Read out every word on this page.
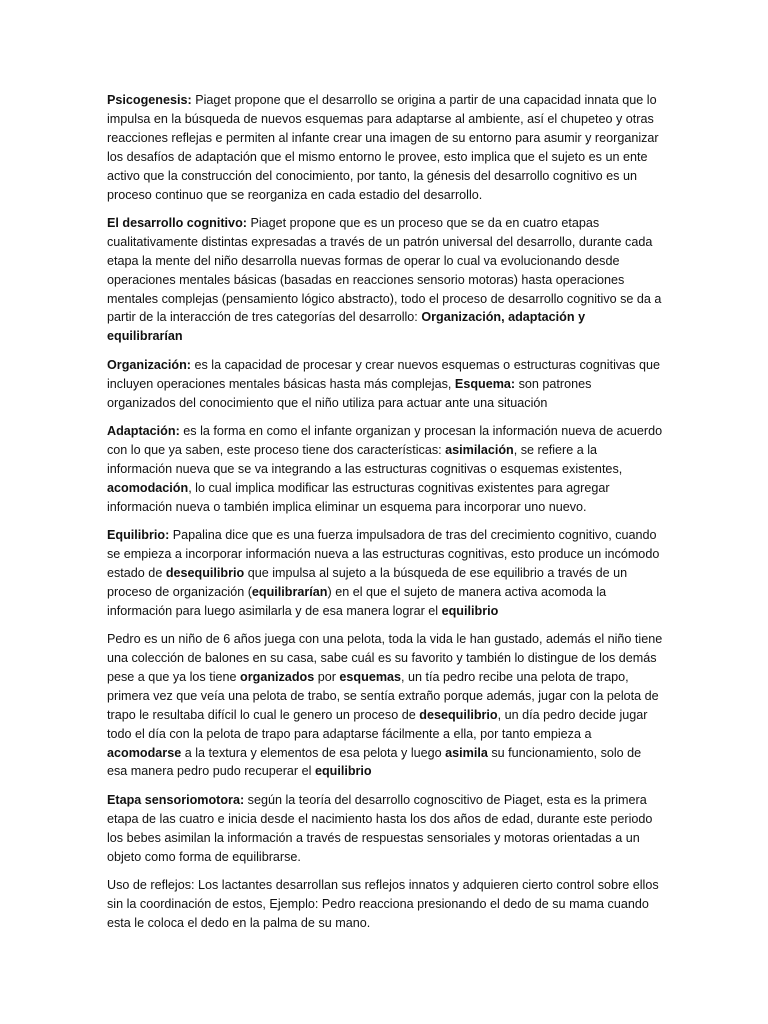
Psicogenesis: Piaget propone que el desarrollo se origina a partir de una capacidad innata que lo impulsa en la búsqueda de nuevos esquemas para adaptarse al ambiente, así el chupeteo y otras reacciones reflejas e permiten al infante crear una imagen de su entorno para asumir y reorganizar los desafíos de adaptación que el mismo entorno le provee, esto implica que el sujeto es un ente activo que la construcción del conocimiento, por tanto, la génesis del desarrollo cognitivo es un proceso continuo que se reorganiza en cada estadio del desarrollo.

El desarrollo cognitivo: Piaget propone que es un proceso que se da en cuatro etapas cualitativamente distintas expresadas a través de un patrón universal del desarrollo, durante cada etapa la mente del niño desarrolla nuevas formas de operar lo cual va evolucionando desde operaciones mentales básicas (basadas en reacciones sensorio motoras) hasta operaciones mentales complejas (pensamiento lógico abstracto), todo el proceso de desarrollo cognitivo se da a partir de la interacción de tres categorías del desarrollo: Organización, adaptación y equilibrarían

Organización: es la capacidad de procesar y crear nuevos esquemas o estructuras cognitivas que incluyen operaciones mentales básicas hasta más complejas, Esquema: son patrones organizados del conocimiento que el niño utiliza para actuar ante una situación

Adaptación: es la forma en como el infante organizan y procesan la información nueva de acuerdo con lo que ya saben, este proceso tiene dos características: asimilación, se refiere a la información nueva que se va integrando a las estructuras cognitivas o esquemas existentes, acomodación, lo cual implica modificar las estructuras cognitivas existentes para agregar información nueva o también implica eliminar un esquema para incorporar uno nuevo.

Equilibrio: Papalina dice que es una fuerza impulsadora de tras del crecimiento cognitivo, cuando se empieza a incorporar información nueva a las estructuras cognitivas, esto produce un incómodo estado de desequilibrio que impulsa al sujeto a la búsqueda de ese equilibrio a través de un proceso de organización (equilibrarían) en el que el sujeto de manera activa acomoda la información para luego asimilarla y de esa manera lograr el equilibrio

Pedro es un niño de 6 años juega con una pelota, toda la vida le han gustado, además el niño tiene una colección de balones en su casa, sabe cuál es su favorito y también lo distingue de los demás pese a que ya los tiene organizados por esquemas, un tía pedro recibe una pelota de trapo, primera vez que veía una pelota de trabo, se sentía extraño porque además, jugar con la pelota de trapo le resultaba difícil lo cual le genero un proceso de desequilibrio, un día pedro decide jugar todo el día con la pelota de trapo para adaptarse fácilmente a ella, por tanto empieza a acomodarse a la textura y elementos de esa pelota y luego asimila su funcionamiento, solo de esa manera pedro pudo recuperar el equilibrio

Etapa sensoriomotora: según la teoría del desarrollo cognoscitivo de Piaget, esta es la primera etapa de las cuatro e inicia desde el nacimiento hasta los dos años de edad, durante este periodo los bebes asimilan la información a través de respuestas sensoriales y motoras orientadas a un objeto como forma de equilibrarse.

Uso de reflejos: Los lactantes desarrollan sus reflejos innatos y adquieren cierto control sobre ellos sin la coordinación de estos, Ejemplo: Pedro reacciona presionando el dedo de su mama cuando esta le coloca el dedo en la palma de su mano.
